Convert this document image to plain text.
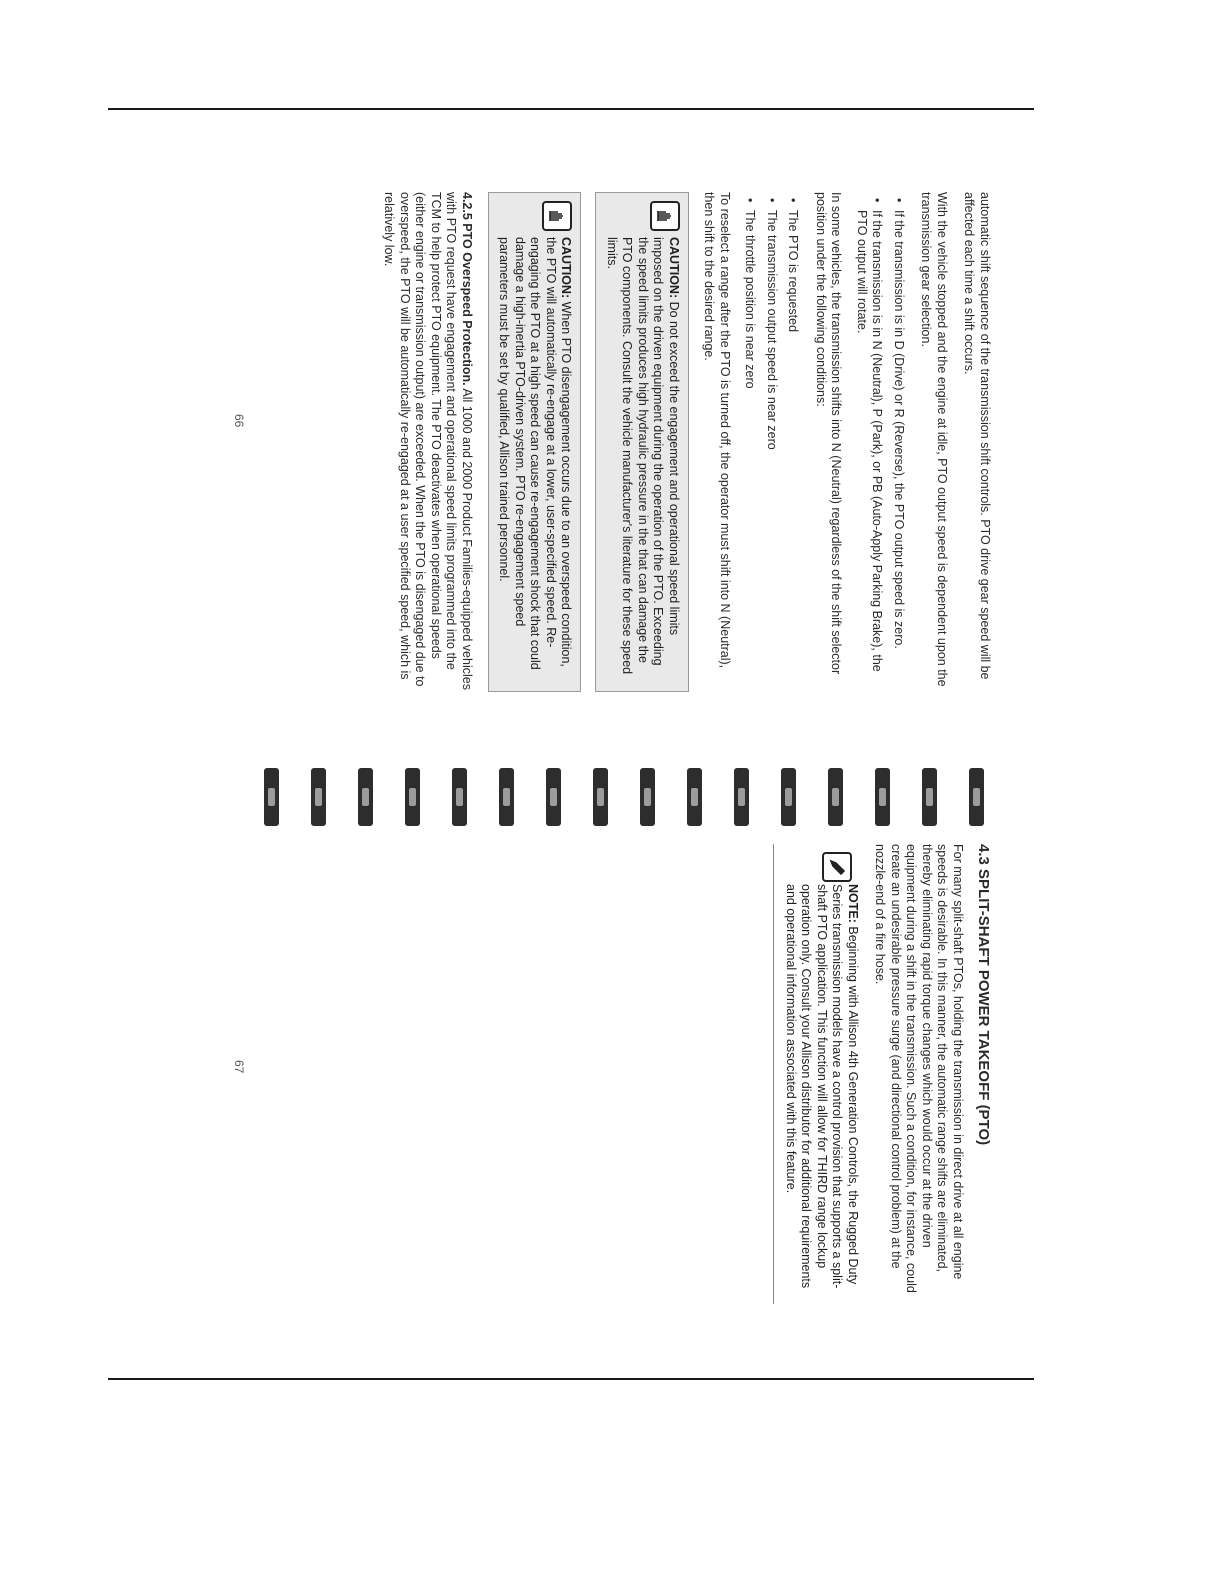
automatic shift sequence of the transmission shift controls. PTO drive gear speed will be affected each time a shift occurs.

With the vehicle stopped and the engine at idle, PTO output speed is dependent upon the transmission gear selection.

• If the transmission is in D (Drive) or R (Reverse), the PTO output speed is zero.
• If the transmission is in N (Neutral), P (Park), or PB (Auto-Apply Parking Brake), the PTO output will rotate.

In some vehicles, the transmission shifts into N (Neutral) regardless of the shift selector position under the following conditions:

• The PTO is requested
• The transmission output speed is near zero
• The throttle position is near zero

To reselect a range after the PTO is turned off, the operator must shift into N (Neutral), then shift to the desired range.

CAUTION: Do not exceed the engagement and operational speed limits imposed on the driven equipment during the operation of the PTO. Exceeding the speed limits produces high hydraulic pressure in the that can damage the PTO components. Consult the vehicle manufacturer's literature for these speed limits.
CAUTION: When PTO disengagement occurs due to an overspeed condition, the PTO will automatically re-engage at a lower, user-specified speed. Re-engaging the PTO at a high speed can cause re-engagement shock that could damage a high-inertia PTO-driven system. PTO re-engagement speed parameters must be set by qualified, Allison trained personnel.

4.2.5 PTO Overspeed Protection. All 1000 and 2000 Product Families-equipped vehicles with PTO request have engagement and operational speed limits programmed into the TCM to help protect PTO equipment. The PTO deactivates when operational speeds (either engine or transmission output) are exceeded. When the PTO is disengaged due to overspeed, the PTO will be automatically re-engaged at a user specified speed, which is relatively low.

66
4.3 SPLIT-SHAFT POWER TAKEOFF (PTO)

For many split-shaft PTOs, holding the transmission in direct drive at all engine speeds is desirable. In this manner, the automatic range shifts are eliminated, thereby eliminating rapid torque changes which would occur at the driven equipment during a shift in the transmission. Such a condition, for instance, could create an undesirable pressure surge (and directional control problem) at the nozzle-end of a fire hose.

NOTE: Beginning with Allison 4th Generation Controls, the Rugged Duty Series transmission models have a control provision that supports a split-shaft PTO application. This function will allow for THIRD range lockup operation only. Consult your Allison distributor for additional requirements and operational information associated with this feature.
67
